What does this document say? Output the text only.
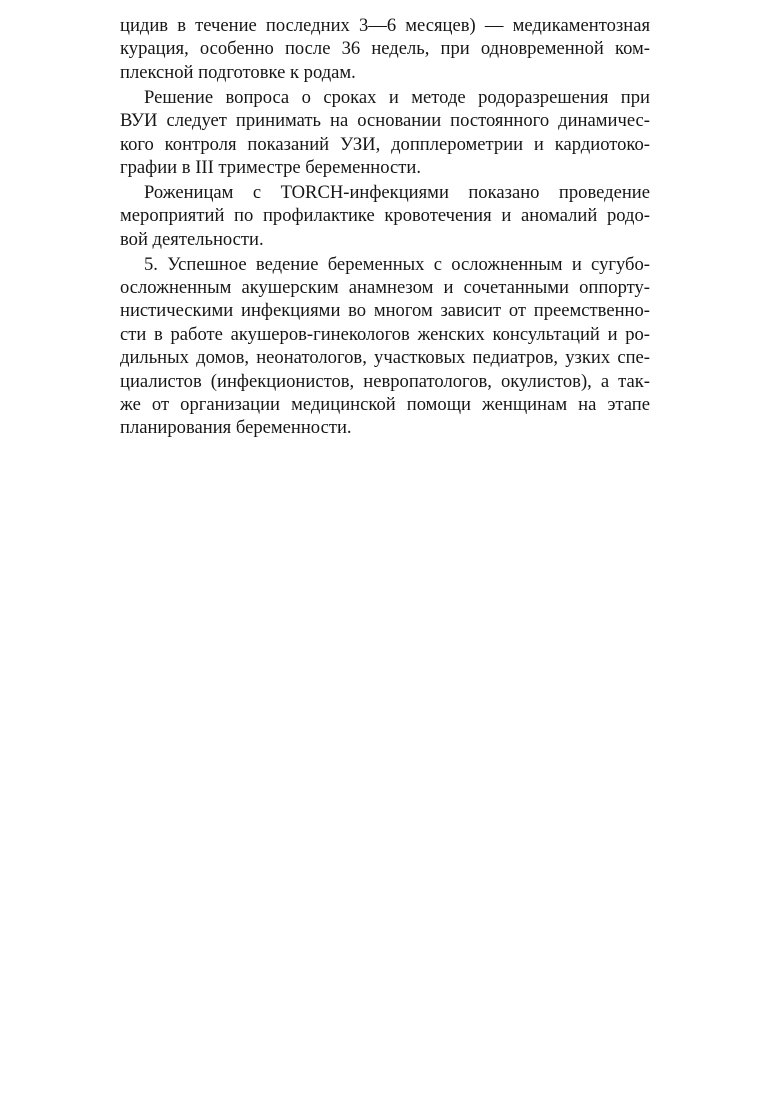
цидив в течение последних 3—6 месяцев) — медикаментозная
курация, особенно после 36 недель, при одновременной ком-
плексной подготовке к родам.
Решение вопроса о сроках и методе родоразрешения при
ВУИ следует принимать на основании постоянного динамичес-
кого контроля показаний УЗИ, допплерометрии и кардиотоко-
графии в III триместре беременности.
Роженицам с TORCH-инфекциями показано проведение
мероприятий по профилактике кровотечения и аномалий родо-
вой деятельности.
5. Успешное ведение беременных с осложненным и сугубо-
осложненным акушерским анамнезом и сочетанными оппорту-
нистическими инфекциями во многом зависит от преемственно-
сти в работе акушеров-гинекологов женских консультаций и ро-
дильных домов, неонатологов, участковых педиатров, узких спе-
циалистов (инфекционистов, невропатологов, окулистов), а так-
же от организации медицинской помощи женщинам на этапе
планирования беременности.
